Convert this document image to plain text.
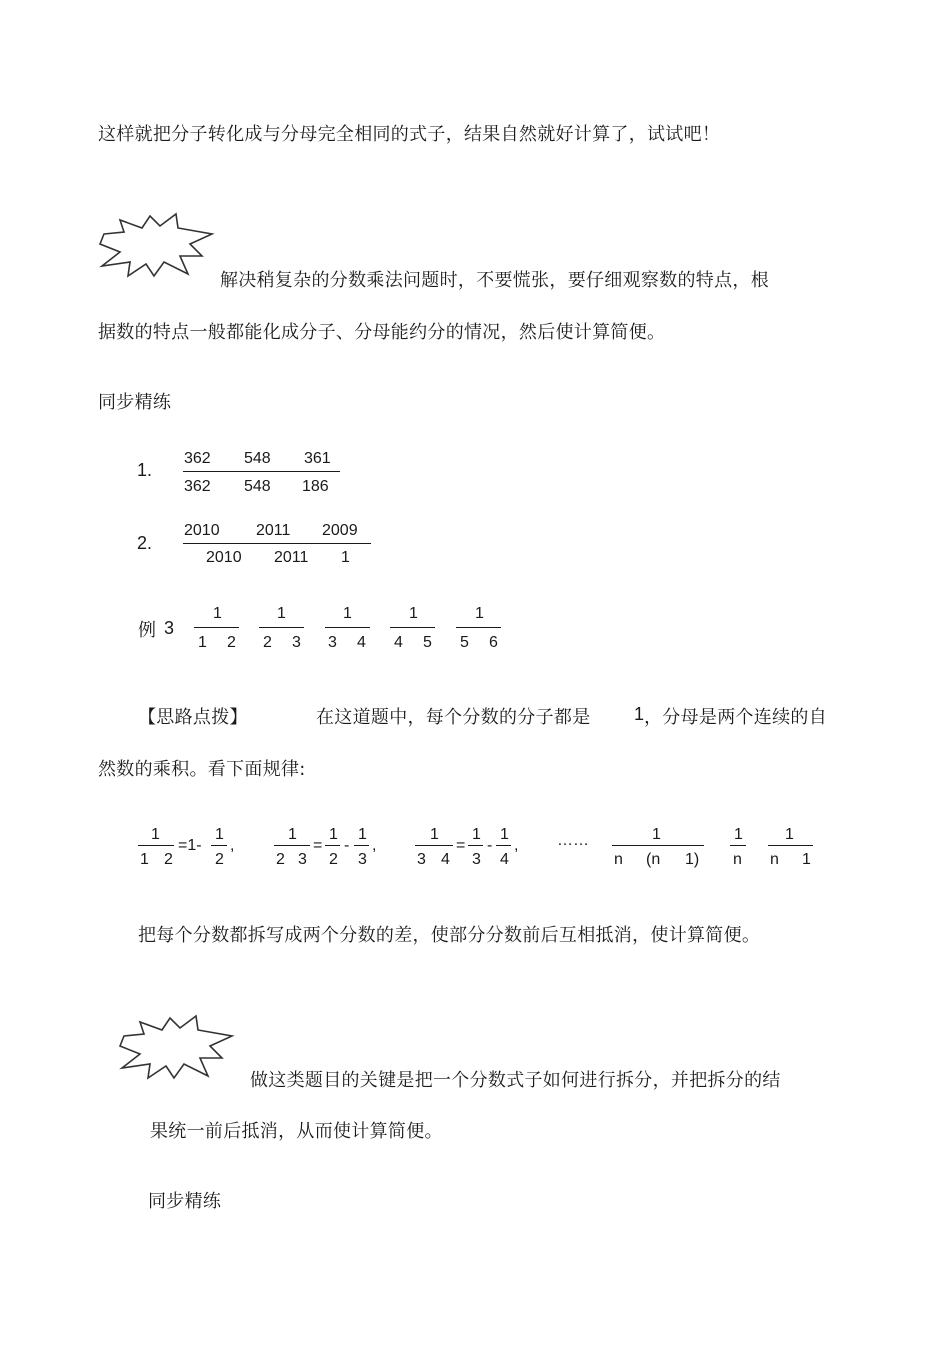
这样就把分子转化成与分母完全相同的式子，结果自然就好计算了，试试吧！
解决稍复杂的分数乘法问题时，不要慌张，要仔细观察数的特点，根
据数的特点一般都能化成分子、分母能约分的情况，然后使计算简便。
同步精练
1.
362 548 361
362 548 186
2.
2010 2011 2009
2010 2011 1
例 3
1
1 2
1
2 3
1
3 4
1
4 5
1
5 6
【思路点拨】	在这道题中，每个分数的分子都是 1 ，分母是两个连续的自
然数的乘积。看下面规律:
1
1 2
=1-
1
2
,
1
2 3
=
1
2
-
1
3
,
1
3 4
=
1
3
-
1
4
, ……	1
n (n 1)
1
n
1
n 1
把每个分数都拆写成两个分数的差，使部分分数前后互相抵消，使计算简便。
做这类题目的关键是把一个分数式子如何进行拆分，并把拆分的结
果统一前后抵消，从而使计算简便。
同步精练
